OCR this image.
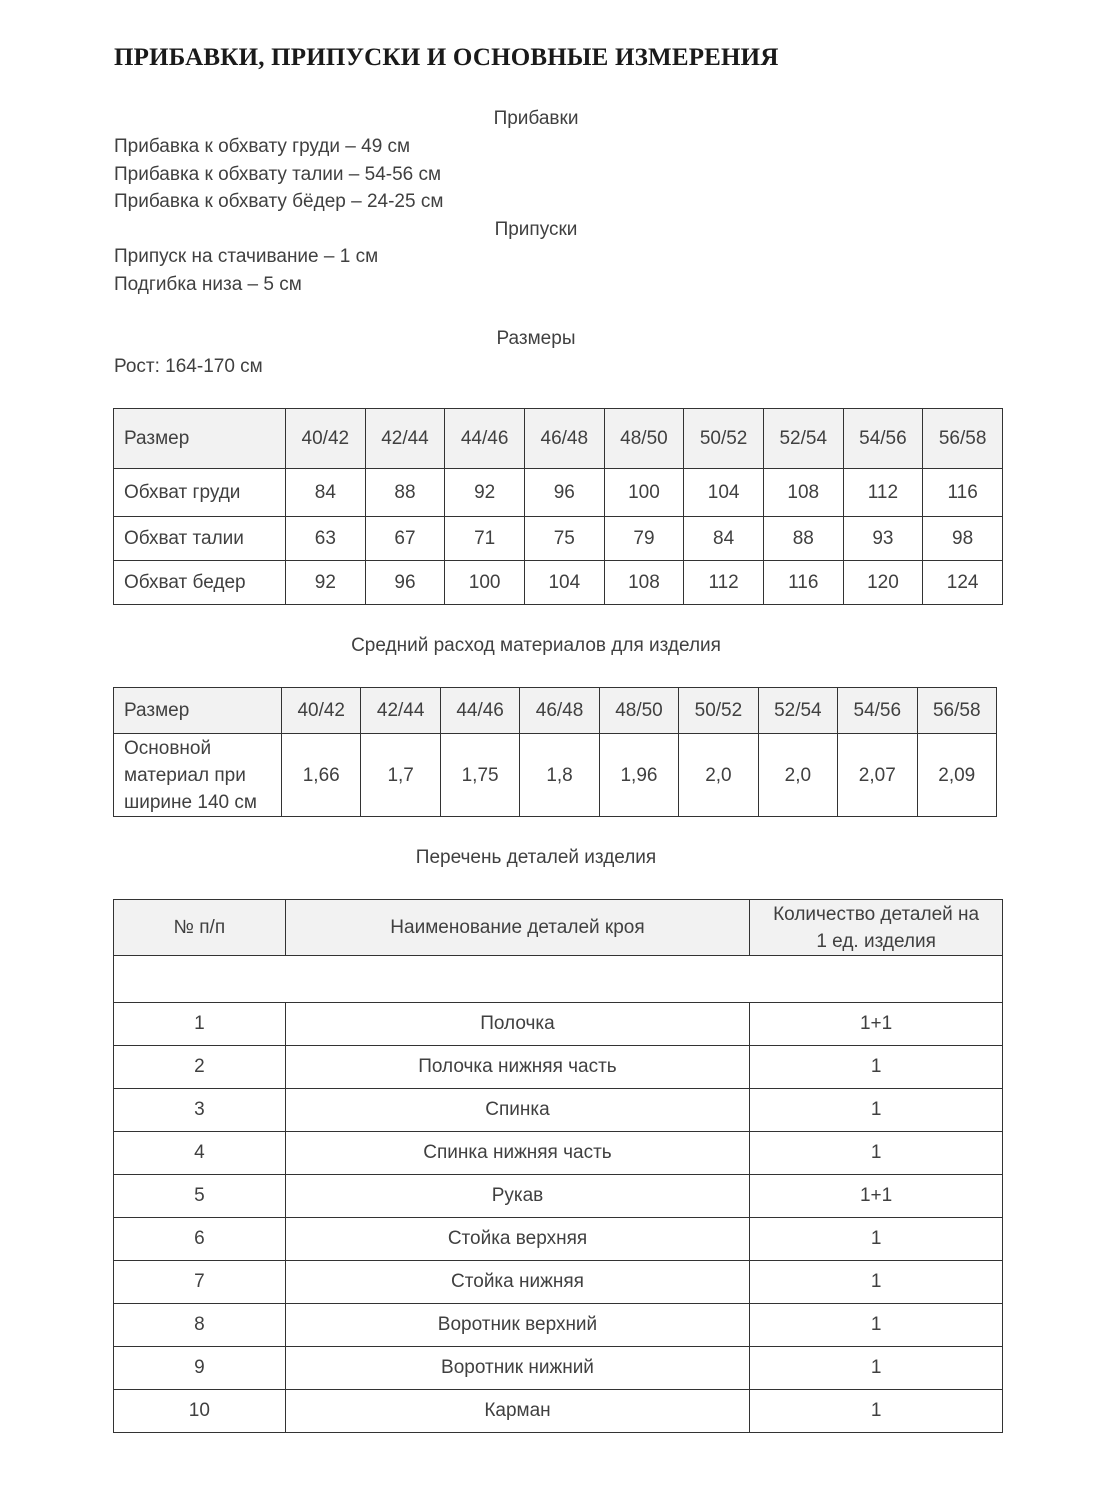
ПРИБАВКИ, ПРИПУСКИ И ОСНОВНЫЕ ИЗМЕРЕНИЯ

Прибавки

Прибавка к обхвату груди – 49 см

Прибавка к обхвату талии – 54-56 см

Прибавка к обхвату бёдер – 24-25 см

Припуски

Припуск на стачивание – 1 см

Подгибка низа – 5 см

Размеры

Рост: 164-170 см

Размер	40/42	42/44	44/46	46/48	48/50	50/52	52/54	54/56	56/58
Обхват груди	84	88	92	96	100	104	108	112	116
Обхват талии	63	67	71	75	79	84	88	93	98
Обхват бедер	92	96	100	104	108	112	116	120	124

Средний расход материалов для изделия

Размер	40/42	42/44	44/46	46/48	48/50	50/52	52/54	54/56	56/58

Основной
материал при
ширине 140 см	1,66	1,7	1,75	1,8	1,96	2,0	2,0	2,07	2,09

Перечень деталей изделия

№ п/п	Наименование деталей кроя	Количество деталей на
1 ед. изделия

1	Полочка	1+1
2	Полочка нижняя часть	1
3	Спинка	1
4	Спинка нижняя часть	1
5	Рукав	1+1
6	Стойка верхняя	1
7	Стойка нижняя	1
8	Воротник верхний	1
9	Воротник нижний	1
10	Карман	1
